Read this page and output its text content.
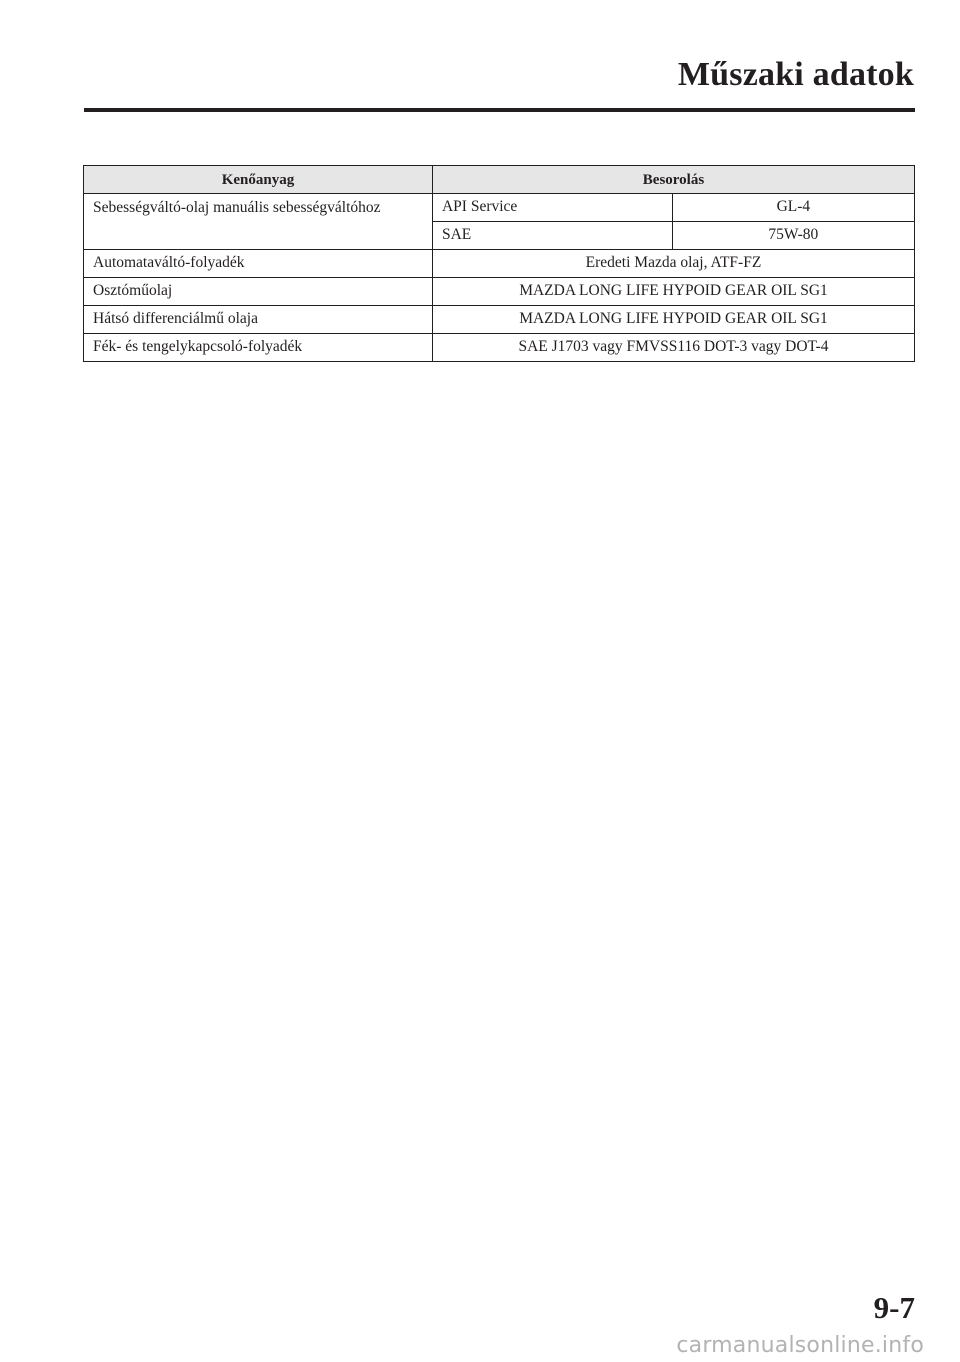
Műszaki adatok
Kenőanyag	Besorolás	
Sebességváltó-olaj manuális sebességváltóhoz	API Service	GL-4
	SAE	75W-80
Automataváltó-folyadék	Eredeti Mazda olaj, ATF-FZ	
Osztóműolaj	MAZDA LONG LIFE HYPOID GEAR OIL SG1	
Hátsó differenciálmű olaja	MAZDA LONG LIFE HYPOID GEAR OIL SG1	
Fék- és tengelykapcsoló-folyadék	SAE J1703 vagy FMVSS116 DOT-3 vagy DOT-4	
9-7
carmanualsonline.info
